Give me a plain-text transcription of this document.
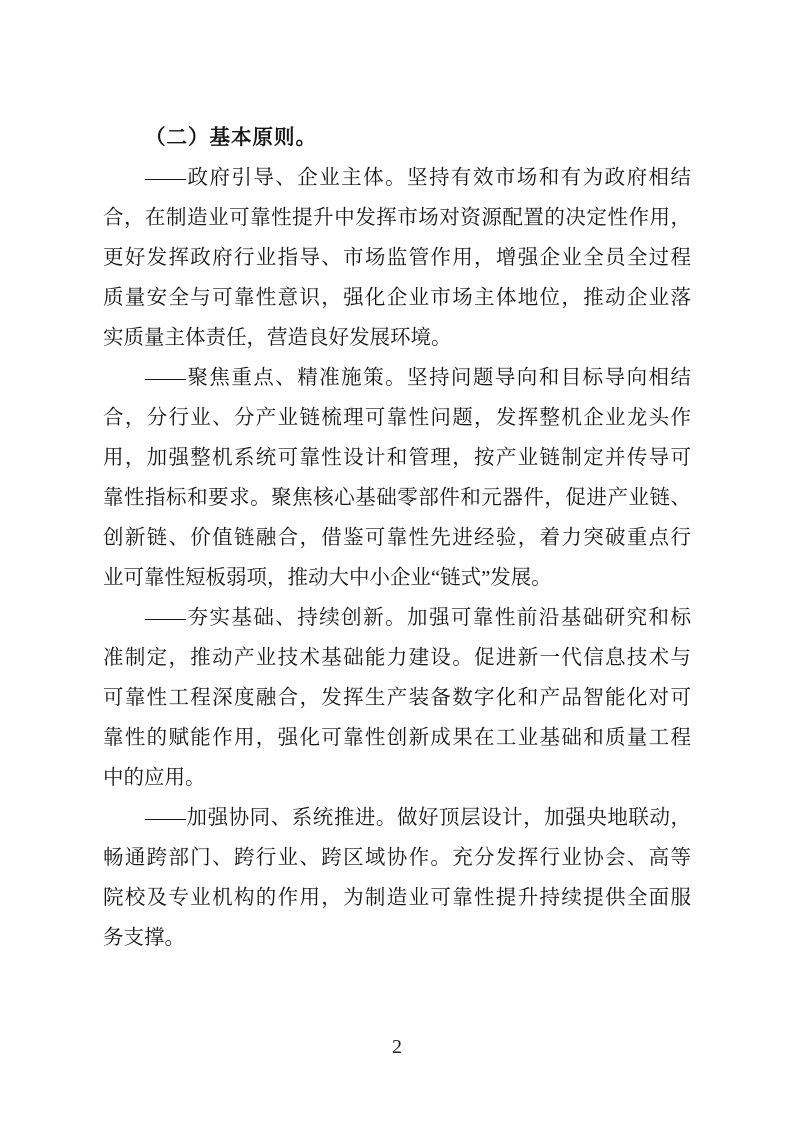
（二）基本原则。
——政府引导、企业主体。坚持有效市场和有为政府相结
合，在制造业可靠性提升中发挥市场对资源配置的决定性作用，
更好发挥政府行业指导、市场监管作用，增强企业全员全过程
质量安全与可靠性意识，强化企业市场主体地位，推动企业落
实质量主体责任，营造良好发展环境。
——聚焦重点、精准施策。坚持问题导向和目标导向相结
合，分行业、分产业链梳理可靠性问题，发挥整机企业龙头作
用，加强整机系统可靠性设计和管理，按产业链制定并传导可
靠性指标和要求。聚焦核心基础零部件和元器件，促进产业链、
创新链、价值链融合，借鉴可靠性先进经验，着力突破重点行
业可靠性短板弱项，推动大中小企业“链式”发展。
——夯实基础、持续创新。加强可靠性前沿基础研究和标
准制定，推动产业技术基础能力建设。促进新一代信息技术与
可靠性工程深度融合，发挥生产装备数字化和产品智能化对可
靠性的赋能作用，强化可靠性创新成果在工业基础和质量工程
中的应用。
——加强协同、系统推进。做好顶层设计，加强央地联动，
畅通跨部门、跨行业、跨区域协作。充分发挥行业协会、高等
院校及专业机构的作用，为制造业可靠性提升持续提供全面服
务支撑。
2
